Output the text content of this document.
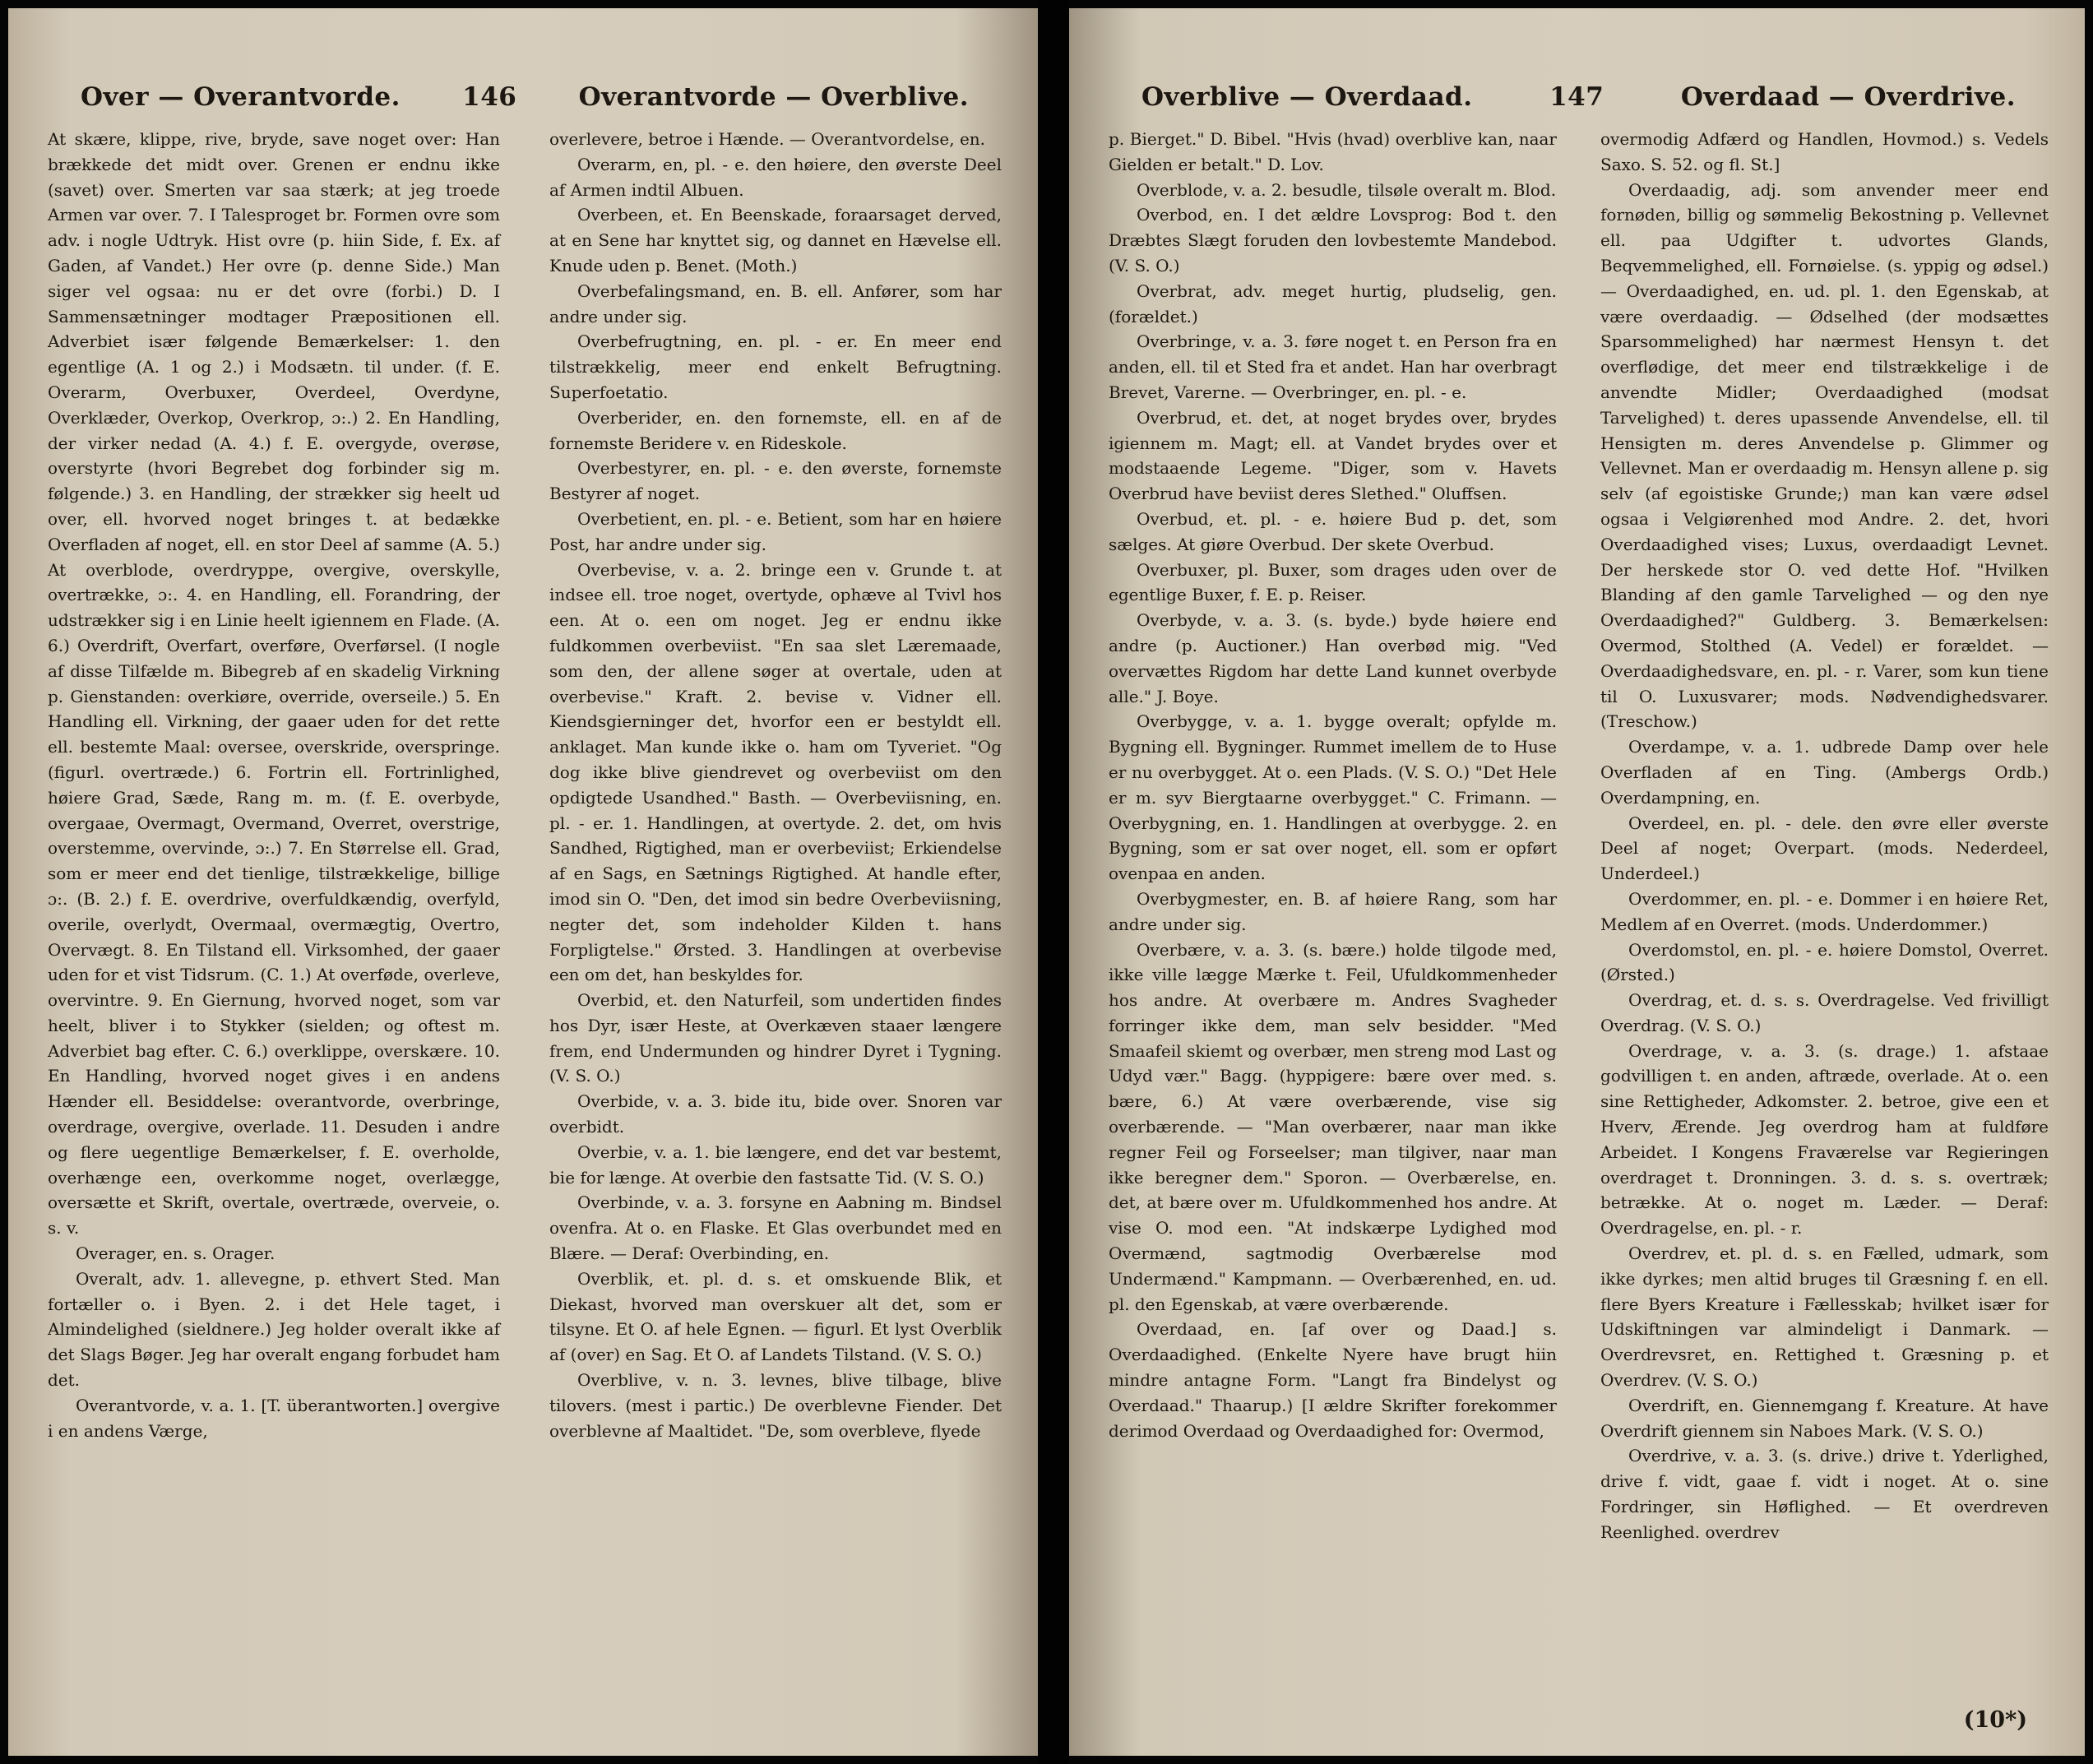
Over — Overantvorde. 146 Overantvorde — Overblive.

At skære, klippe, rive, bryde, save noget over: Han brækkede det midt over. Grenen er endnu ikke (savet) over. Smerten var saa stærk; at jeg troede Armen var over. 7. I Talesproget br. Formen ovre som adv. i nogle Udtryk. Hist ovre (p. hiin Side, f. Ex. af Gaden, af Vandet.) Her ovre (p. denne Side.) Man siger vel ogsaa: nu er det ovre (forbi.) D. I Sammensætninger modtager Præpositionen ell. Adverbiet især følgende Bemærkelser: 1. den egentlige (A. 1 og 2.) i Modsætn. til under. (f. E. Overarm, Overbuxer, Overdeel, Overdyne, Overklæder, Overkop, Overkrop, ɔ:.) 2. En Handling, der virker nedad (A. 4.) f. E. overgyde, overøse, overstyrte (hvori Begrebet dog forbinder sig m. følgende.) 3. en Handling, der strækker sig heelt ud over, ell. hvorved noget bringes t. at bedække Overfladen af noget, ell. en stor Deel af samme (A. 5.) At overblode, overdryppe, overgive, overskylle, overtrække, ɔ:. 4. en Handling, ell. Forandring, der udstrækker sig i en Linie heelt igiennem en Flade. (A. 6.) Overdrift, Overfart, overføre, Overførsel. (I nogle af disse Tilfælde m. Bibegreb af en skadelig Virkning p. Gienstanden: overkiøre, override, overseile.) 5. En Handling ell. Virkning, der gaaer uden for det rette ell. bestemte Maal: oversee, overskride, overspringe. (figurl. overtræde.) 6. Fortrin ell. Fortrinlighed, høiere Grad, Sæde, Rang m. m. (f. E. overbyde, overgaae, Overmagt, Overmand, Overret, overstrige, overstemme, overvinde, ɔ:.) 7. En Størrelse ell. Grad, som er meer end det tienlige, tilstrækkelige, billige ɔ:. (B. 2.) f. E. overdrive, overfuldkændig, overfyld, overile, overlydt, Overmaal, overmægtig, Overtro, Overvægt. 8. En Tilstand ell. Virksomhed, der gaaer uden for et vist Tidsrum. (C. 1.) At overføde, overleve, overvintre. 9. En Giernung, hvorved noget, som var heelt, bliver i to Stykker (sielden; og oftest m. Adverbiet bag efter. C. 6.) overklippe, overskære. 10. En Handling, hvorved noget gives i en andens Hænder ell. Besiddelse: overantvorde, overbringe, overdrage, overgive, overlade. 11. Desuden i andre og flere uegentlige Bemærkelser, f. E. overholde, overhænge een, overkomme noget, overlægge, oversætte et Skrift, overtale, overtræde, overveie, o. s. v.

Overager, en. s. Orager.

Overalt, adv. 1. allevegne, p. ethvert Sted. Man fortæller o. i Byen. 2. i det Hele taget, i Almindelighed (sieldnere.) Jeg holder overalt ikke af det Slags Bøger. Jeg har overalt engang forbudet ham det.

Overantvorde, v. a. 1. [T. überantworten.] overgive i en andens Værge,

overlevere, betroe i Hænde. — Overantvordelse, en.

Overarm, en, pl. - e. den høiere, den øverste Deel af Armen indtil Albuen.

Overbeen, et. En Beenskade, foraarsaget derved, at en Sene har knyttet sig, og dannet en Hævelse ell. Knude uden p. Benet. (Moth.)

Overbefalingsmand, en. B. ell. Anfører, som har andre under sig.

Overbefrugtning, en. pl. - er. En meer end tilstrækkelig, meer end enkelt Befrugtning. Superfoetatio.

Overberider, en. den fornemste, ell. en af de fornemste Beridere v. en Rideskole.

Overbestyrer, en. pl. - e. den øverste, fornemste Bestyrer af noget.

Overbetient, en. pl. - e. Betient, som har en høiere Post, har andre under sig.

Overbevise, v. a. 2. bringe een v. Grunde t. at indsee ell. troe noget, overtyde, ophæve al Tvivl hos een. At o. een om noget. Jeg er endnu ikke fuldkommen overbeviist. "En saa slet Læremaade, som den, der allene søger at overtale, uden at overbevise." Kraft. 2. bevise v. Vidner ell. Kiendsgierninger det, hvorfor een er bestyldt ell. anklaget. Man kunde ikke o. ham om Tyveriet. "Og dog ikke blive giendrevet og overbeviist om den opdigtede Usandhed." Basth. — Overbeviisning, en. pl. - er. 1. Handlingen, at overtyde. 2. det, om hvis Sandhed, Rigtighed, man er overbeviist; Erkiendelse af en Sags, en Sætnings Rigtighed. At handle efter, imod sin O. "Den, det imod sin bedre Overbeviisning, negter det, som indeholder Kilden t. hans Forpligtelse." Ørsted. 3. Handlingen at overbevise een om det, han beskyldes for.

Overbid, et. den Naturfeil, som undertiden findes hos Dyr, især Heste, at Overkæven staaer længere frem, end Undermunden og hindrer Dyret i Tygning. (V. S. O.)

Overbide, v. a. 3. bide itu, bide over. Snoren var overbidt.

Overbie, v. a. 1. bie længere, end det var bestemt, bie for længe. At overbie den fastsatte Tid. (V. S. O.)

Overbinde, v. a. 3. forsyne en Aabning m. Bindsel ovenfra. At o. en Flaske. Et Glas overbundet med en Blære. — Deraf: Overbinding, en.

Overblik, et. pl. d. s. et omskuende Blik, et Diekast, hvorved man overskuer alt det, som er tilsyne. Et O. af hele Egnen. — figurl. Et lyst Overblik af (over) en Sag. Et O. af Landets Tilstand. (V. S. O.)

Overblive, v. n. 3. levnes, blive tilbage, blive tilovers. (mest i partic.) De overblevne Fiender. Det overblevne af Maaltidet. "De, som overbleve, flyede

Overblive — Overdaad.	147	Overdaad — Overdrive.

p. Bierget." D. Bibel. "Hvis (hvad) overblive kan, naar Gielden er betalt." D. Lov.

Overblode, v. a. 2. besudle, tilsøle overalt m. Blod.

Overbod, en. I det ældre Lovsprog: Bod t. den Dræbtes Slægt foruden den lovbestemte Mandebod. (V. S. O.)

Overbrat, adv. meget hurtig, pludselig, gen. (forældet.)

Overbringe, v. a. 3. føre noget t. en Person fra en anden, ell. til et Sted fra et andet. Han har overbragt Brevet, Varerne. — Overbringer, en. pl. - e.

Overbrud, et. det, at noget brydes over, brydes igiennem m. Magt; ell. at Vandet brydes over et modstaaende Legeme. "Diger, som v. Havets Overbrud have beviist deres Slethed." Oluffsen.

Overbud, et. pl. - e. høiere Bud p. det, som sælges. At giøre Overbud. Der skete Overbud.

Overbuxer, pl. Buxer, som drages uden over de egentlige Buxer, f. E. p. Reiser.

Overbyde, v. a. 3. (s. byde.) byde høiere end andre (p. Auctioner.) Han overbød mig. "Ved overvættes Rigdom har dette Land kunnet overbyde alle." J. Boye.

Overbygge, v. a. 1. bygge overalt; opfylde m. Bygning ell. Bygninger. Rummet imellem de to Huse er nu overbygget. At o. een Plads. (V. S. O.) "Det Hele er m. syv Biergtaarne overbygget." C. Frimann. — Overbygning, en. 1. Handlingen at overbygge. 2. en Bygning, som er sat over noget, ell. som er opført ovenpaa en anden.

Overbygmester, en. B. af høiere Rang, som har andre under sig.

Overbære, v. a. 3. (s. bære.) holde tilgode med, ikke ville lægge Mærke t. Feil, Ufuldkommenheder hos andre. At overbære m. Andres Svagheder forringer ikke dem, man selv besidder. "Med Smaafeil skiemt og overbær, men streng mod Last og Udyd vær." Bagg. (hyppigere: bære over med. s. bære, 6.) At være overbærende, vise sig overbærende. — "Man overbærer, naar man ikke regner Feil og Forseelser; man tilgiver, naar man ikke beregner dem." Sporon. — Overbærelse, en. det, at bære over m. Ufuldkommenhed hos andre. At vise O. mod een. "At indskærpe Lydighed mod Overmænd, sagtmodig Overbærelse mod Undermænd." Kampmann. — Overbærenhed, en. ud. pl. den Egenskab, at være overbærende.

Overdaad, en. [af over og Daad.] s. Overdaadighed. (Enkelte Nyere have brugt hiin mindre antagne Form. "Langt fra Bindelyst og Overdaad." Thaarup.) [I ældre Skrifter forekommer derimod Overdaad og Overdaadighed for: Overmod,

overmodig Adfærd og Handlen, Hovmod.) s. Vedels Saxo. S. 52. og fl. St.]

Overdaadig, adj. som anvender meer end fornøden, billig og sømmelig Bekostning p. Vellevnet ell. paa Udgifter t. udvortes Glands, Beqvemmelighed, ell. Fornøielse. (s. yppig og ødsel.) — Overdaadighed, en. ud. pl. 1. den Egenskab, at være overdaadig. — Ødselhed (der modsættes Sparsommelighed) har nærmest Hensyn t. det overflødige, det meer end tilstrækkelige i de anvendte Midler; Overdaadighed (modsat Tarvelighed) t. deres upassende Anvendelse, ell. til Hensigten m. deres Anvendelse p. Glimmer og Vellevnet. Man er overdaadig m. Hensyn allene p. sig selv (af egoistiske Grunde;) man kan være ødsel ogsaa i Velgiørenhed mod Andre. 2. det, hvori Overdaadighed vises; Luxus, overdaadigt Levnet. Der herskede stor O. ved dette Hof. "Hvilken Blanding af den gamle Tarvelighed — og den nye Overdaadighed?" Guldberg. 3. Bemærkelsen: Overmod, Stolthed (A. Vedel) er forældet. — Overdaadighedsvare, en. pl. - r. Varer, som kun tiene til O. Luxusvarer; mods. Nødvendighedsvarer. (Treschow.)

Overdampe, v. a. 1. udbrede Damp over hele Overfladen af en Ting. (Ambergs Ordb.) Overdampning, en.

Overdeel, en. pl. - dele. den øvre eller øverste Deel af noget; Overpart. (mods. Nederdeel, Underdeel.)

Overdommer, en. pl. - e. Dommer i en høiere Ret, Medlem af en Overret. (mods. Underdommer.)

Overdomstol, en. pl. - e. høiere Domstol, Overret. (Ørsted.)

Overdrag, et. d. s. s. Overdragelse. Ved frivilligt Overdrag. (V. S. O.)

Overdrage, v. a. 3. (s. drage.) 1. afstaae godvilligen t. en anden, aftræde, overlade. At o. een sine Rettigheder, Adkomster. 2. betroe, give een et Hverv, Ærende. Jeg overdrog ham at fuldføre Arbeidet. I Kongens Fraværelse var Regieringen overdraget t. Dronningen. 3. d. s. s. overtræk; betrække. At o. noget m. Læder. — Deraf: Overdragelse, en. pl. - r.

Overdrev, et. pl. d. s. en Fælled, udmark, som ikke dyrkes; men altid bruges til Græsning f. en ell. flere Byers Kreature i Fællesskab; hvilket især for Udskiftningen var almindeligt i Danmark. — Overdrevsret, en. Rettighed t. Græsning p. et Overdrev. (V. S. O.)

Overdrift, en. Giennemgang f. Kreature. At have Overdrift giennem sin Naboes Mark. (V. S. O.)

Overdrive, v. a. 3. (s. drive.) drive t. Yderlighed, drive f. vidt, gaae f. vidt i noget. At o. sine Fordringer, sin Høflighed. — Et overdreven Reenlighed. overdrev

(10*)
